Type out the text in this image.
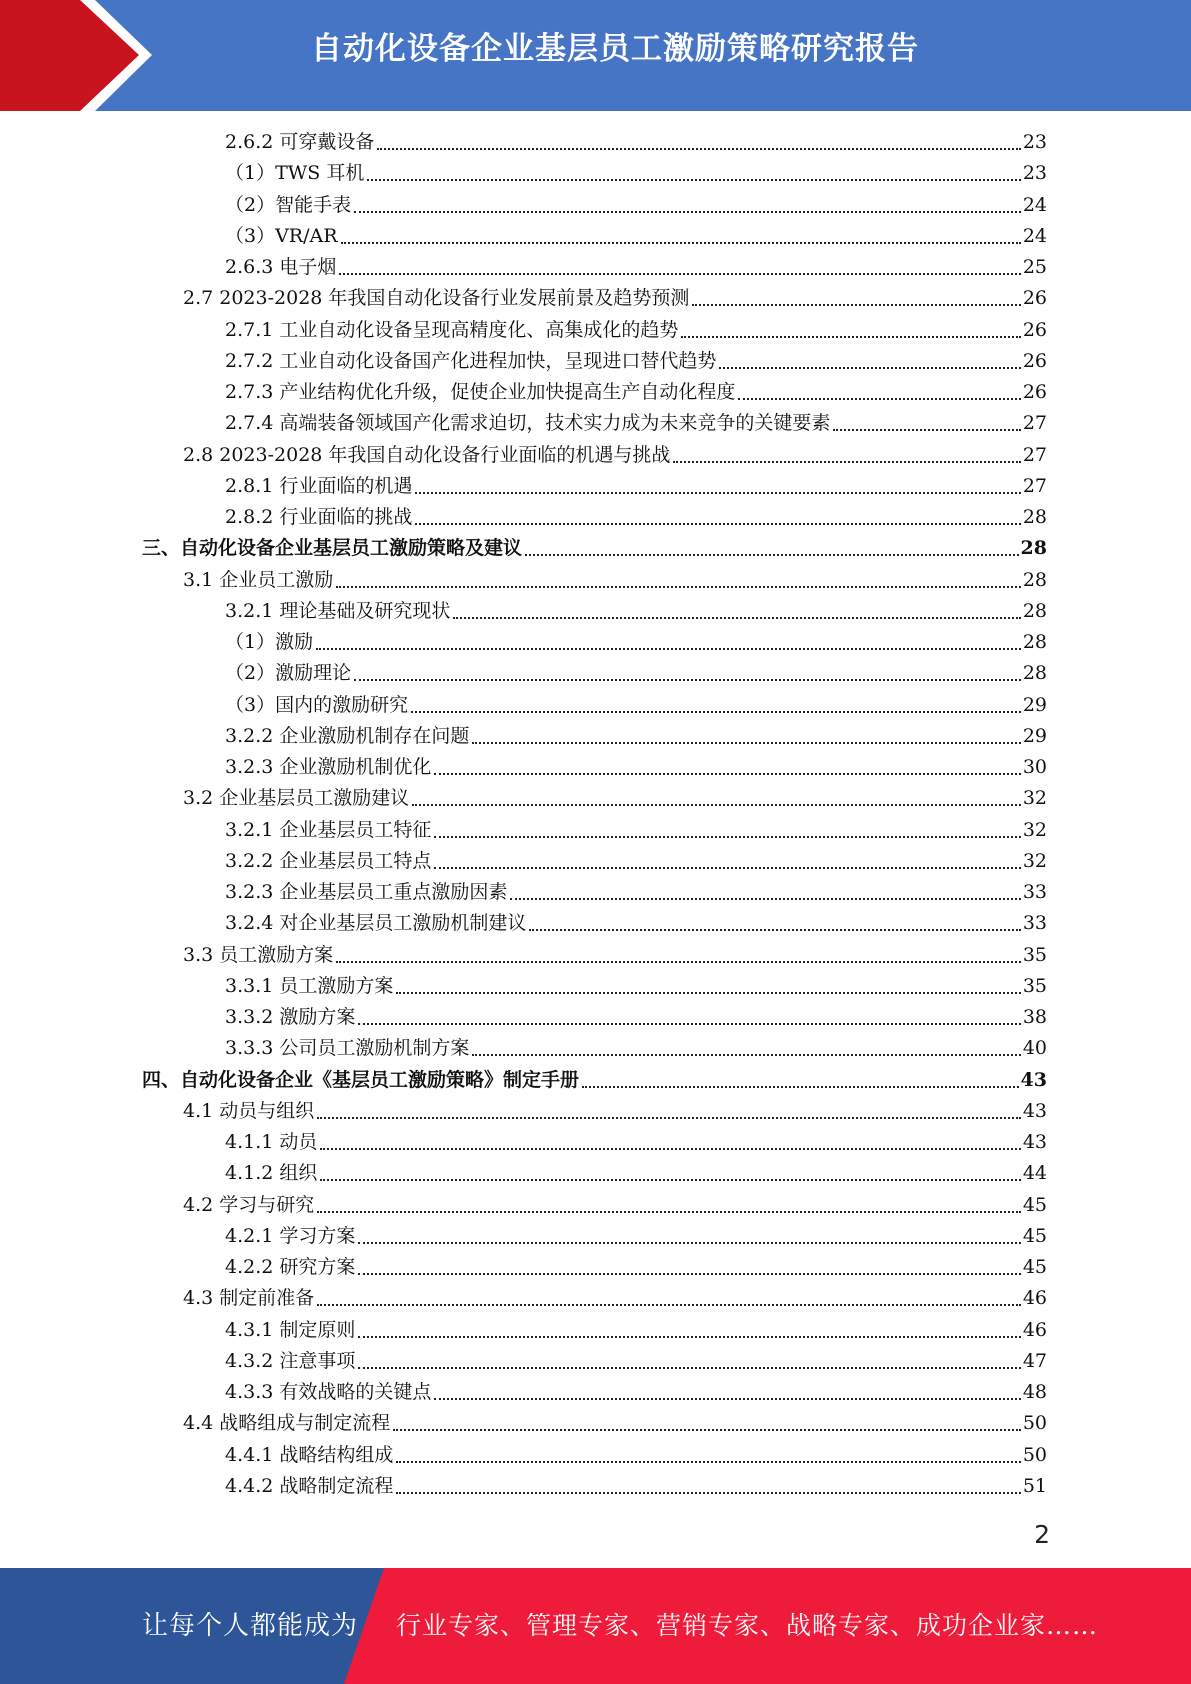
自动化设备企业基层员工激励策略研究报告
2.6.2 可穿戴设备	23
（1）TWS 耳机	23
（2）智能手表	24
（3）VR/AR	24
2.6.3 电子烟	25
2.7 2023-2028 年我国自动化设备行业发展前景及趋势预测	26
2.7.1 工业自动化设备呈现高精度化、高集成化的趋势	26
2.7.2 工业自动化设备国产化进程加快，呈现进口替代趋势	26
2.7.3 产业结构优化升级，促使企业加快提高生产自动化程度	26
2.7.4 高端装备领域国产化需求迫切，技术实力成为未来竞争的关键要素	27
2.8 2023-2028 年我国自动化设备行业面临的机遇与挑战	27
2.8.1 行业面临的机遇	27
2.8.2 行业面临的挑战	28
三、自动化设备企业基层员工激励策略及建议	28
3.1 企业员工激励	28
3.2.1 理论基础及研究现状	28
（1）激励	28
（2）激励理论	28
（3）国内的激励研究	29
3.2.2 企业激励机制存在问题	29
3.2.3 企业激励机制优化	30
3.2 企业基层员工激励建议	32
3.2.1 企业基层员工特征	32
3.2.2 企业基层员工特点	32
3.2.3 企业基层员工重点激励因素	33
3.2.4 对企业基层员工激励机制建议	33
3.3 员工激励方案	35
3.3.1 员工激励方案	35
3.3.2 激励方案	38
3.3.3 公司员工激励机制方案	40
四、自动化设备企业《基层员工激励策略》制定手册	43
4.1 动员与组织	43
4.1.1 动员	43
4.1.2 组织	44
4.2 学习与研究	45
4.2.1 学习方案	45
4.2.2 研究方案	45
4.3 制定前准备	46
4.3.1 制定原则	46
4.3.2 注意事项	47
4.3.3 有效战略的关键点	48
4.4 战略组成与制定流程	50
4.4.1 战略结构组成	50
4.4.2 战略制定流程	51
2
让每个人都能成为 行业专家、管理专家、营销专家、战略专家、成功企业家……
